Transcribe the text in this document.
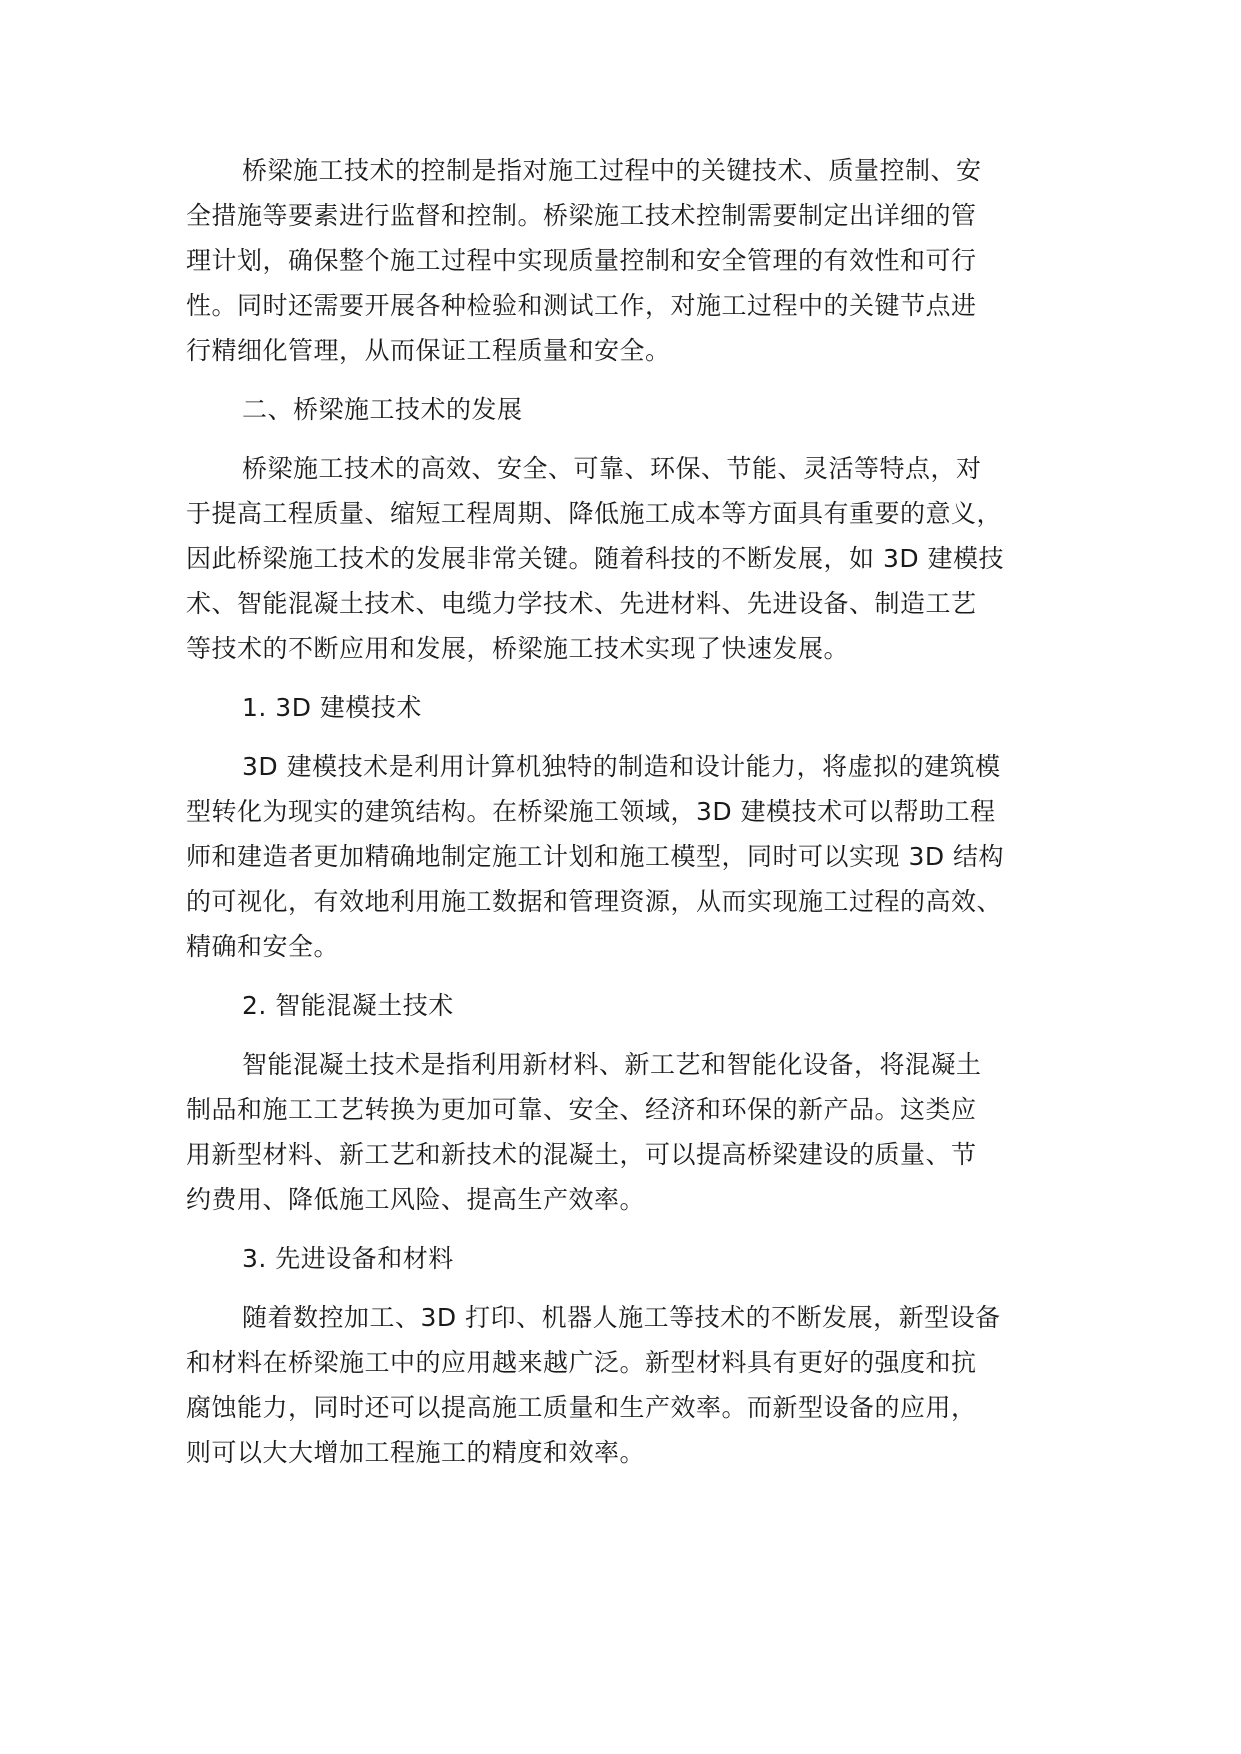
桥梁施工技术的控制是指对施工过程中的关键技术、质量控制、安
全措施等要素进行监督和控制。桥梁施工技术控制需要制定出详细的管
理计划，确保整个施工过程中实现质量控制和安全管理的有效性和可行
性。同时还需要开展各种检验和测试工作，对施工过程中的关键节点进
行精细化管理，从而保证工程质量和安全。
二、桥梁施工技术的发展
桥梁施工技术的高效、安全、可靠、环保、节能、灵活等特点，对
于提高工程质量、缩短工程周期、降低施工成本等方面具有重要的意义，
因此桥梁施工技术的发展非常关键。随着科技的不断发展，如 3D 建模技
术、智能混凝土技术、电缆力学技术、先进材料、先进设备、制造工艺
等技术的不断应用和发展，桥梁施工技术实现了快速发展。
1. 3D 建模技术
3D 建模技术是利用计算机独特的制造和设计能力，将虚拟的建筑模
型转化为现实的建筑结构。在桥梁施工领域，3D 建模技术可以帮助工程
师和建造者更加精确地制定施工计划和施工模型，同时可以实现 3D 结构
的可视化，有效地利用施工数据和管理资源，从而实现施工过程的高效、
精确和安全。
2. 智能混凝土技术
智能混凝土技术是指利用新材料、新工艺和智能化设备，将混凝土
制品和施工工艺转换为更加可靠、安全、经济和环保的新产品。这类应
用新型材料、新工艺和新技术的混凝土，可以提高桥梁建设的质量、节
约费用、降低施工风险、提高生产效率。
3. 先进设备和材料
随着数控加工、3D 打印、机器人施工等技术的不断发展，新型设备
和材料在桥梁施工中的应用越来越广泛。新型材料具有更好的强度和抗
腐蚀能力，同时还可以提高施工质量和生产效率。而新型设备的应用，
则可以大大增加工程施工的精度和效率。
